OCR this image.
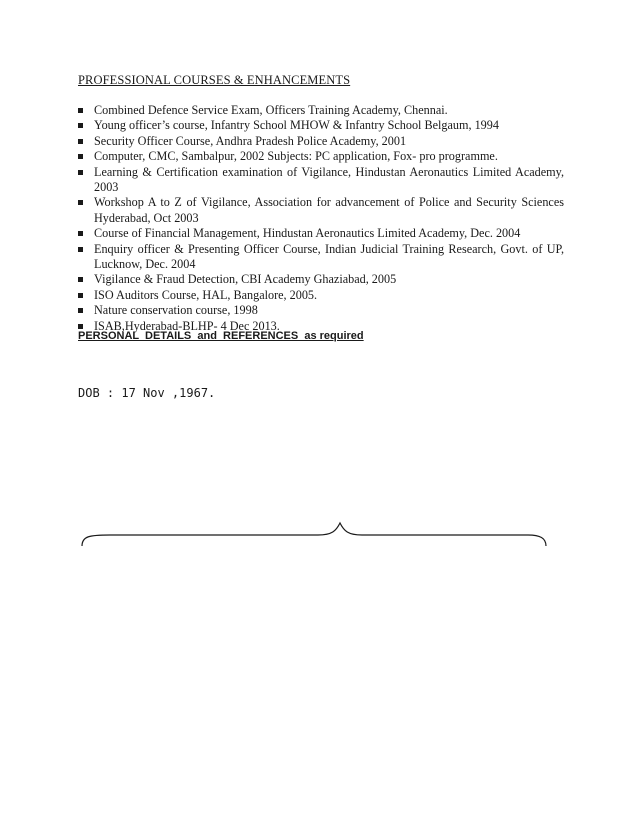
PROFESSIONAL COURSES & ENHANCEMENTS
Combined Defence Service Exam, Officers Training Academy, Chennai.
Young officer’s course, Infantry School MHOW & Infantry School Belgaum, 1994
Security Officer Course, Andhra Pradesh Police Academy, 2001
Computer, CMC, Sambalpur, 2002 Subjects: PC application, Fox- pro programme.
Learning & Certification examination of Vigilance, Hindustan Aeronautics Limited Academy, 2003
Workshop A to Z of Vigilance, Association for advancement of Police and Security Sciences Hyderabad, Oct 2003
Course of Financial Management, Hindustan Aeronautics Limited Academy, Dec. 2004
Enquiry officer & Presenting Officer Course, Indian Judicial Training Research, Govt. of UP, Lucknow, Dec. 2004
Vigilance & Fraud Detection, CBI Academy Ghaziabad, 2005
ISO Auditors Course, HAL, Bangalore, 2005.
Nature conservation course, 1998
ISAB,Hyderabad-BLHP- 4 Dec 2013.
PERSONAL  DETAILS  and  REFERENCES  as required
DOB : 17 Nov ,1967.
